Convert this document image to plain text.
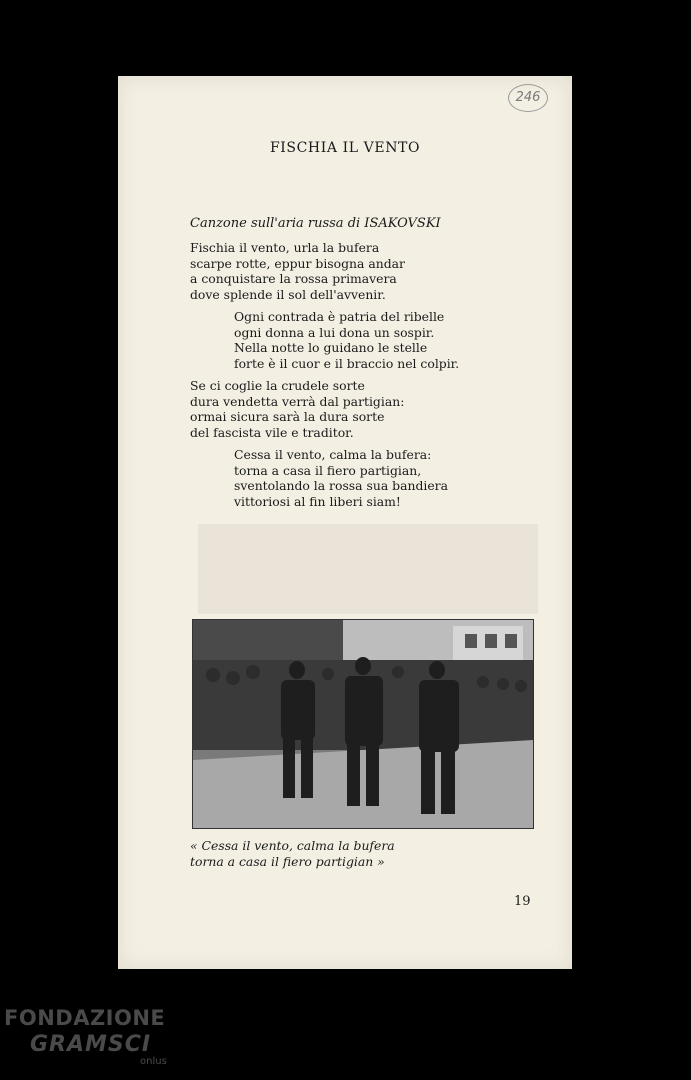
246
FISCHIA IL VENTO
Canzone sull'aria russa di ISAKOVSKI
Fischia il vento, urla la bufera
scarpe rotte, eppur bisogna andar
a conquistare la rossa primavera
dove splende il sol dell'avvenir.
Ogni contrada è patria del ribelle
ogni donna a lui dona un sospir.
Nella notte lo guidano le stelle
forte è il cuor e il braccio nel colpir.
Se ci coglie la crudele sorte
dura vendetta verrà dal partigian:
ormai sicura sarà la dura sorte
del fascista vile e traditor.
Cessa il vento, calma la bufera:
torna a casa il fiero partigian,
sventolando la rossa sua bandiera
vittoriosi al fin liberi siam!
« Cessa il vento, calma la bufera
torna a casa il fiero partigian »
19
FONDAZIONE
GRAMSCI
onlus
